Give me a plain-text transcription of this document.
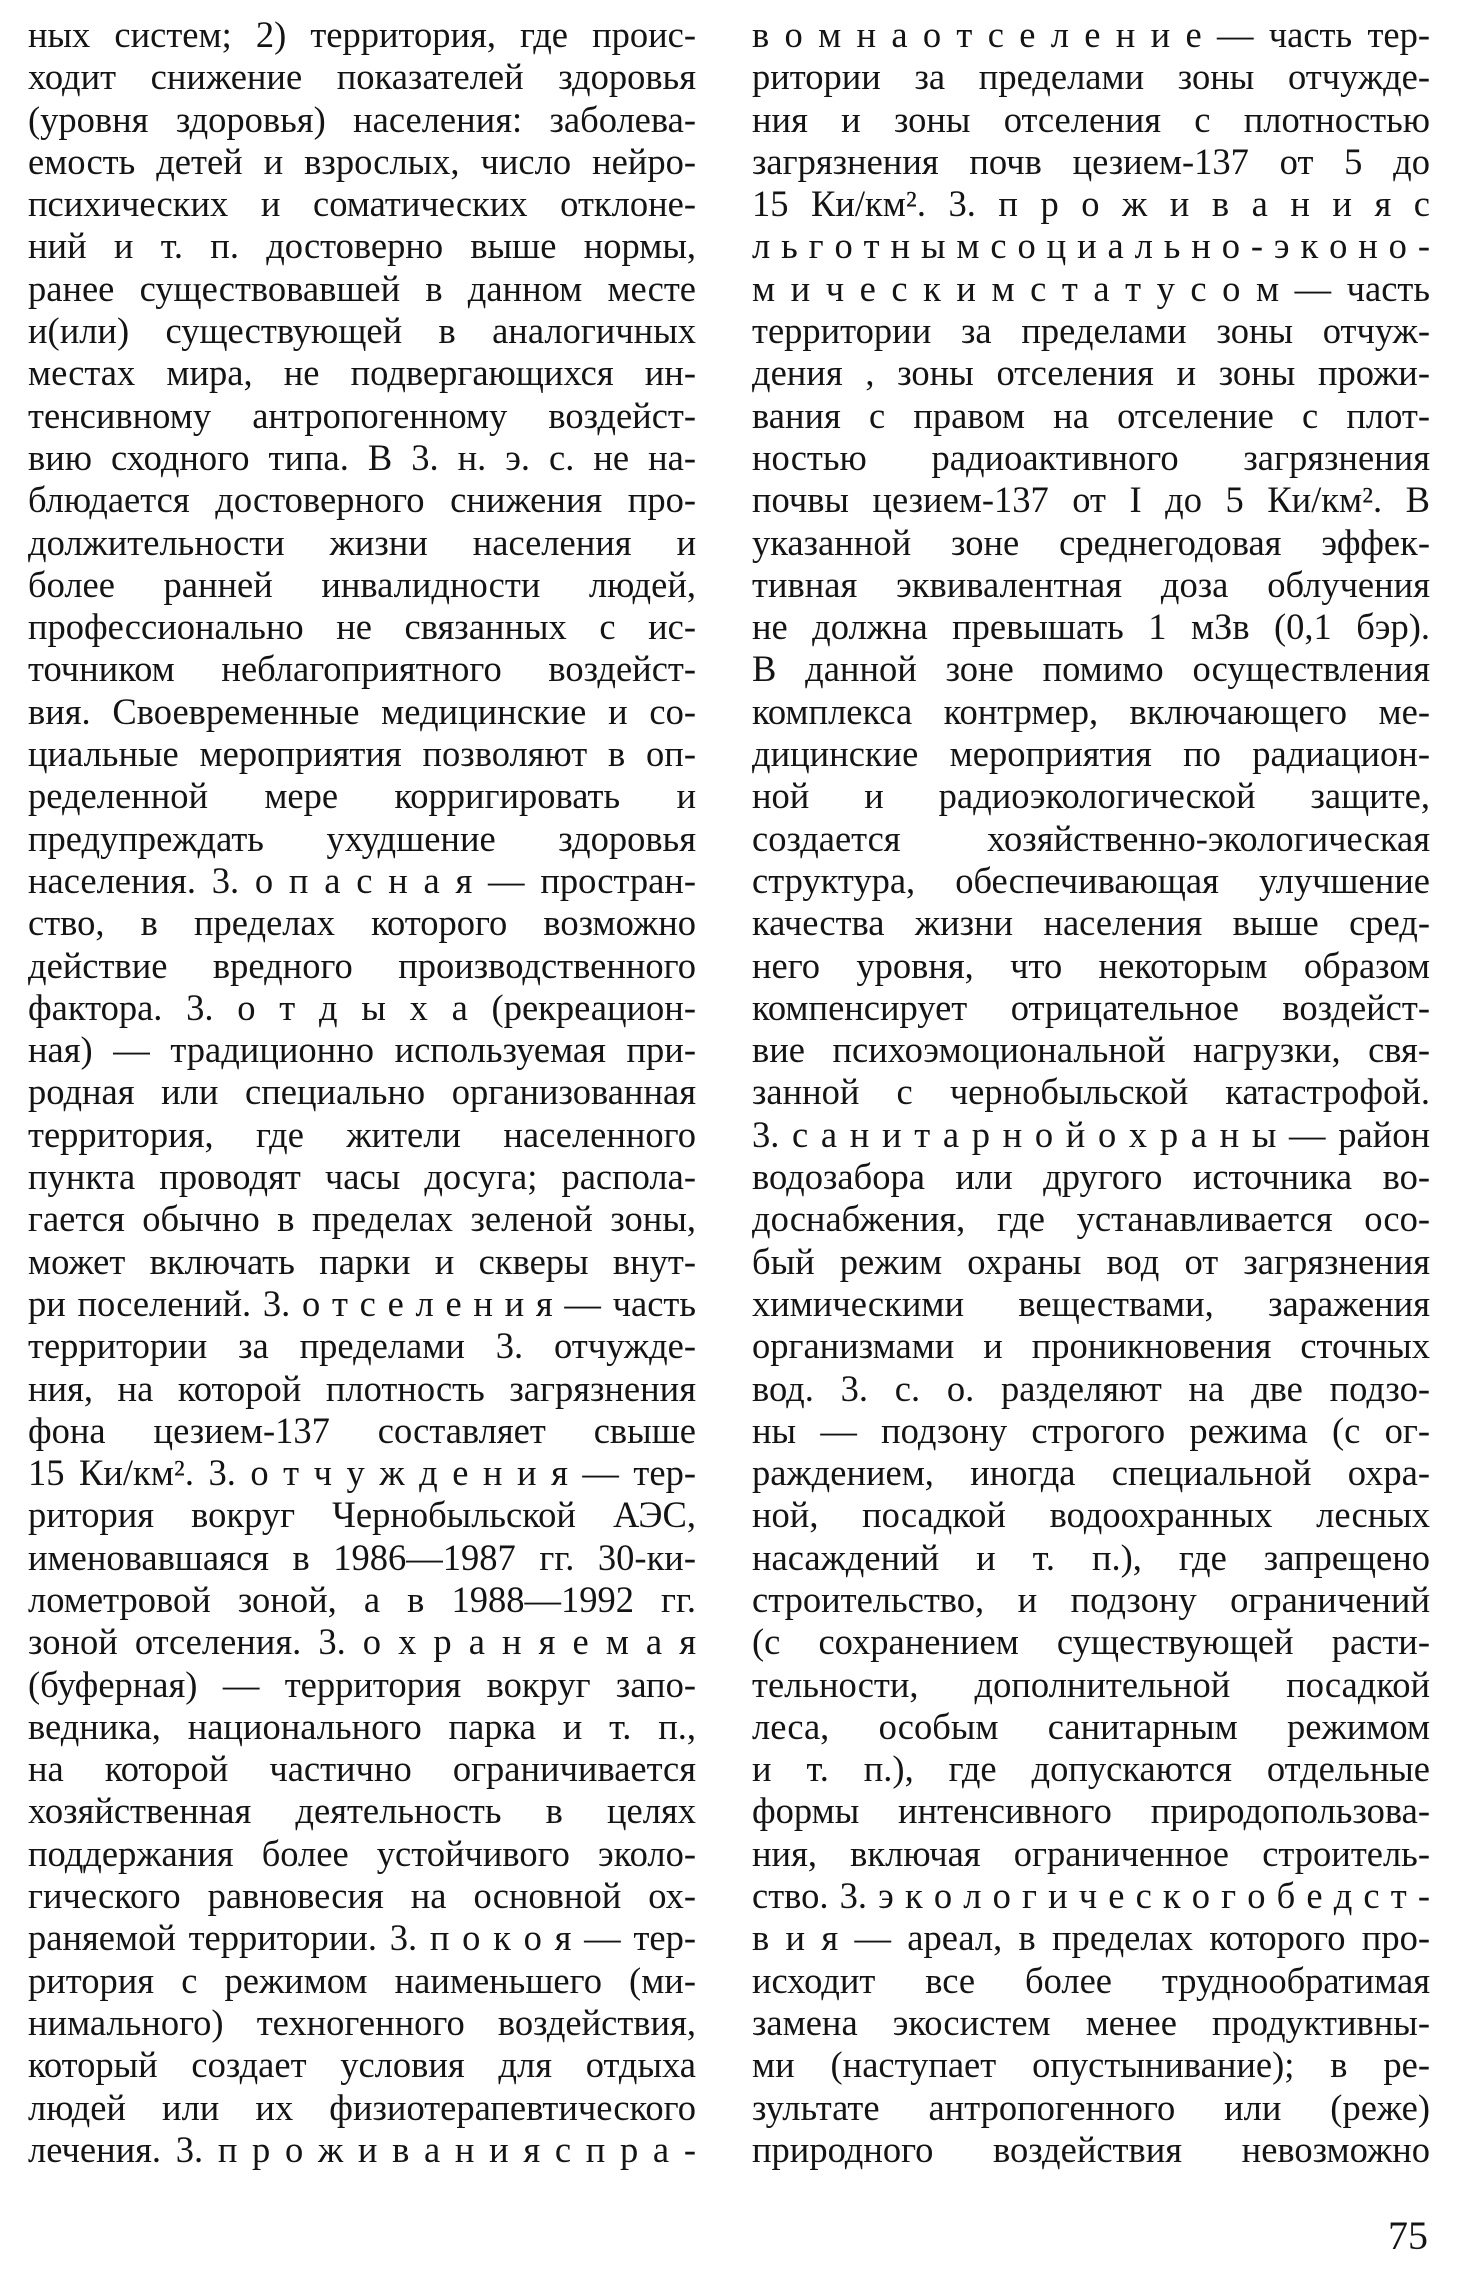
ных систем; 2) территория, где проис-
ходит снижение показателей здоровья
(уровня здоровья) населения: заболева-
емость детей и взрослых, число нейро-
психических и соматических отклоне-
ний и т. п. достоверно выше нормы,
ранее существовавшей в данном месте
и(или) существующей в аналогичных
местах мира, не подвергающихся ин-
тенсивному антропогенному воздейст-
вию сходного типа. В 3. н. э. с. не на-
блюдается достоверного снижения про-
должительности жизни населения и
более ранней инвалидности людей,
профессионально не связанных с ис-
точником неблагоприятного воздейст-
вия. Своевременные медицинские и со-
циальные мероприятия позволяют в оп-
ределенной мере корригировать и
предупреждать ухудшение здоровья
населения. 3. о п а с н а я — простран-
ство, в пределах которого возможно
действие вредного производственного
фактора. 3. о т д ы х а (рекреацион-
ная) — традиционно используемая при-
родная или специально организованная
территория, где жители населенного
пункта проводят часы досуга; распола-
гается обычно в пределах зеленой зоны,
может включать парки и скверы внут-
ри поселений. 3. о т с е л е н и я — часть
территории за пределами 3. отчужде-
ния, на которой плотность загрязнения
фона цезием-137 составляет свыше
15 Ки/км². 3. о т ч у ж д е н и я — тер-
ритория вокруг Чернобыльской АЭС,
именовавшаяся в 1986—1987 гг. 30-ки-
лометровой зоной, а в 1988—1992 гг.
зоной отселения. 3. о х р а н я е м а я
(буферная) — территория вокруг запо-
ведника, национального парка и т. п.,
на которой частично ограничивается
хозяйственная деятельность в целях
поддержания более устойчивого эколо-
гического равновесия на основной ох-
раняемой территории. 3. п о к о я — тер-
ритория с режимом наименьшего (ми-
нимального) техногенного воздействия,
который создает условия для отдыха
людей или их физиотерапевтического
лечения. 3. п р о ж и в а н и я с п р а -
в о м н а о т с е л е н и е — часть тер-
ритории за пределами зоны отчужде-
ния и зоны отселения с плотностью
загрязнения почв цезием-137 от 5 до
15 Ки/км². 3. п р о ж и в а н и я с
л ь г о т н ы м с о ц и а л ь н о - э к о н о -
м и ч е с к и м с т а т у с о м — часть
территории за пределами зоны отчуж-
дения , зоны отселения и зоны прожи-
вания с правом на отселение с плот-
ностью радиоактивного загрязнения
почвы цезием-137 от I до 5 Ки/км². В
указанной зоне среднегодовая эффек-
тивная эквивалентная доза облучения
не должна превышать 1 мЗв (0,1 бэр).
В данной зоне помимо осуществления
комплекса контрмер, включающего ме-
дицинские мероприятия по радиацион-
ной и радиоэкологической защите,
создается хозяйственно-экологическая
структура, обеспечивающая улучшение
качества жизни населения выше сред-
него уровня, что некоторым образом
компенсирует отрицательное воздейст-
вие психоэмоциональной нагрузки, свя-
занной с чернобыльской катастрофой.
3. с а н и т а р н о й о х р а н ы — район
водозабора или другого источника во-
доснабжения, где устанавливается осо-
бый режим охраны вод от загрязнения
химическими веществами, заражения
организмами и проникновения сточных
вод. 3. с. о. разделяют на две подзо-
ны — подзону строгого режима (с ог-
раждением, иногда специальной охра-
ной, посадкой водоохранных лесных
насаждений и т. п.), где запрещено
строительство, и подзону ограничений
(с сохранением существующей расти-
тельности, дополнительной посадкой
леса, особым санитарным режимом
и т. п.), где допускаются отдельные
формы интенсивного природопользова-
ния, включая ограниченное строитель-
ство. 3. э к о л о г и ч е с к о г о б е д с т -
в и я — ареал, в пределах которого про-
исходит все более труднообратимая
замена экосистем менее продуктивны-
ми (наступает опустынивание); в ре-
зультате антропогенного или (реже)
природного воздействия невозможно
75
